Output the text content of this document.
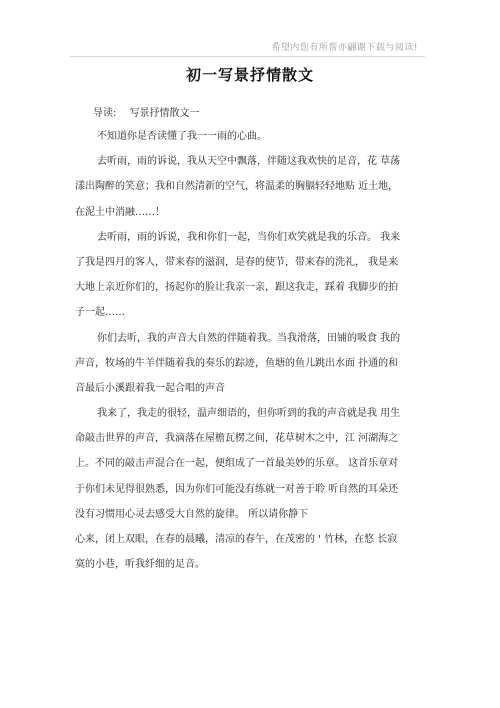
希望内您有所帮亦翩谢下载与阅读!
初一写景抒情散文
导读: 写景抒情散文一
不知道你是否读懂了我一一雨的心曲。
去听雨，雨的诉说，我从天空中飘落，伴随这我欢快的足音，花 草荡
漾出陶醉的笑意；我和自然清新的空气，将温柔的胸膈轻轻地贴 近土地，
在泥土中消融……！
去听雨，雨的诉说，我和你们一起，当你们欢笑就是我的乐音。 我来
了我是四月的客人，带来春的滋润，是春的使节，带来春的洗礼， 我是来
大地上亲近你们的，扬起你的脸让我亲一亲，跟这我走，踩着 我脚步的拍
子一起……
你们去听，我的声音大自然的伴随着我。当我滑落，田铺的吸食 我的
声音，牧场的牛羊伴随着我的奏乐的踪迹，鱼塘的鱼儿跳出水面 扑通的和
音最后小溪跟着我一起合唱的声音
我来了，我走的很轻，温声细语的，但你听到的我的声音就是我 用生
命敲击世界的声音，我滴落在屋檐瓦楞之间，花草树木之中，江 河湖海之
上。不同的敲击声混合在一起，便组成了一首最美妙的乐章。 这首乐章对
于你们未见得很熟悉，因为你们可能没有练就一对善于聆 听自然的耳朵还
没有习惯用心灵去感受大自然的旋律。 所以请你静下
心来，闭上双眼，在春的晨曦，清凉的春午，在茂密的 ' 竹林，在悠 长寂
寞的小巷，听我纤细的足音。
